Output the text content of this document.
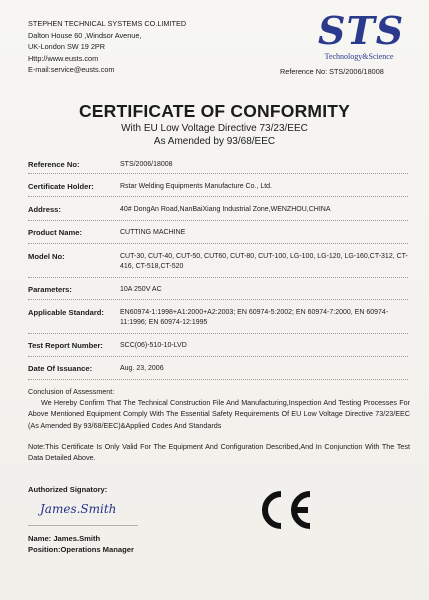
STEPHEN TECHNICAL SYSTEMS CO.LIMITED
Dalton House 60 ,Windsor Avenue,
UK-London SW 19 2PR
Http://www.eusts.com
E-mail:service@eusts.com
STS
Technology&Science
Reference No: STS/2006/18008
CERTIFICATE OF CONFORMITY
With EU Low Voltage Directive 73/23/EEC
As Amended by 93/68/EEC
Reference No:	STS/2006/18008
Certificate Holder:	Rstar Welding Equipments Manufacture Co., Ltd.
Address:	40# DongAn Road,NanBaiXiang Industrial Zone,WENZHOU,CHINA
Product Name:	CUTTING MACHINE
Model No:	CUT-30, CUT-40, CUT-50, CUT60, CUT-80, CUT-100, LG-100, LG-120, LG-160,CT-312, CT-416, CT-518,CT-520
Parameters:	10A 250V AC
Applicable Standard: EN60974-1:1998+A1:2000+A2:2003; EN 60974-5:2002; EN 60974-7:2000, EN 60974-11:1996; EN 60974-12:1995
Test Report Number: SCC(06)-510-10-LVD
Date Of Issuance:	Aug. 23, 2006
Conclusion of Assessment:
We Hereby Confirm That The Technical Construction File And Manufacturing,Inspection And Testing Processes For Above Mentioned Equipment Comply With The Essential Safety Requirements Of EU Low Voltage Directive 73/23/EEC (As Amended By 93/68/EEC)&Applied Codes And Standards
Note:This Certificate Is Only Valid For The Equipment And Configuration Described,And In Conjunction With The Test Data Detailed Above.
Authorized Signatory:
James.Smith
Name: James.Smith
Position:Operations Manager
